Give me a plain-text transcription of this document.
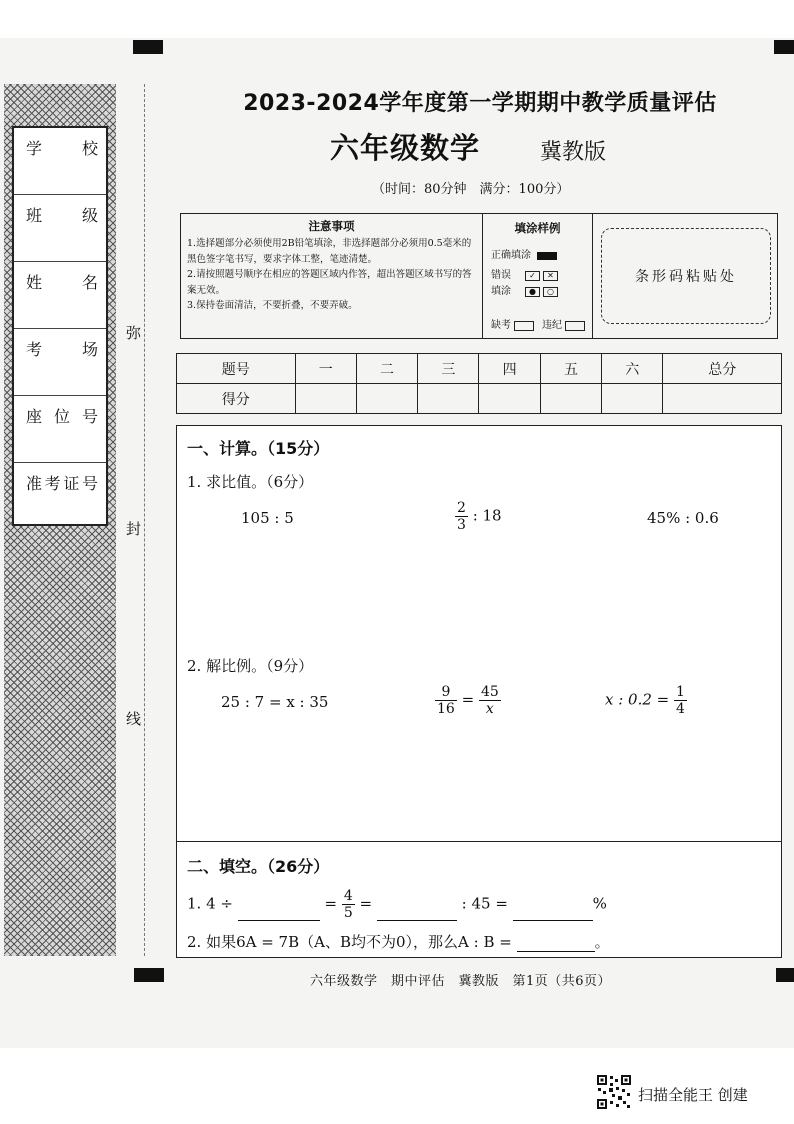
学　　校
班　　级
姓　　名
考　　场
座 位 号
准考证号
弥
封
线
2023-2024学年度第一学期期中教学质量评估
六年级数学	冀教版
（时间：80分钟　满分：100分）
注意事项
1.选择题部分必须使用2B铅笔填涂，非选择题部分必须用0.5毫米的黑色签字笔书写，要求字体工整，笔迹清楚。
2.请按照题号顺序在相应的答题区域内作答，超出答题区域书写的答案无效。
3.保持卷面清洁，不要折叠，不要弄破。
填涂样例
正确填涂
错误 ✓ ✕
填涂 ● ○
缺考	违纪
条形码粘贴处
题号	一	二	三	四	五	六	总分
得分							
一、计算。（15分）
1. 求比值。（6分）
105 : 5	$\frac{2}{3}$ : 18	45% : 0.6
2. 解比例。（9分）
25 : 7 = x : 35	$\frac{9}{16} = \frac{45}{x}$	x : $0.2 = \frac{1}{4}$
二、填空。（26分）
1. 4 ÷	= $\frac{4}{5}$ =	: 45 =	%
2. 如果6A = 7B（A、B均不为0），那么A : B =	。
六年级数学　期中评估　冀教版　第1页（共6页）
扫描全能王 创建
